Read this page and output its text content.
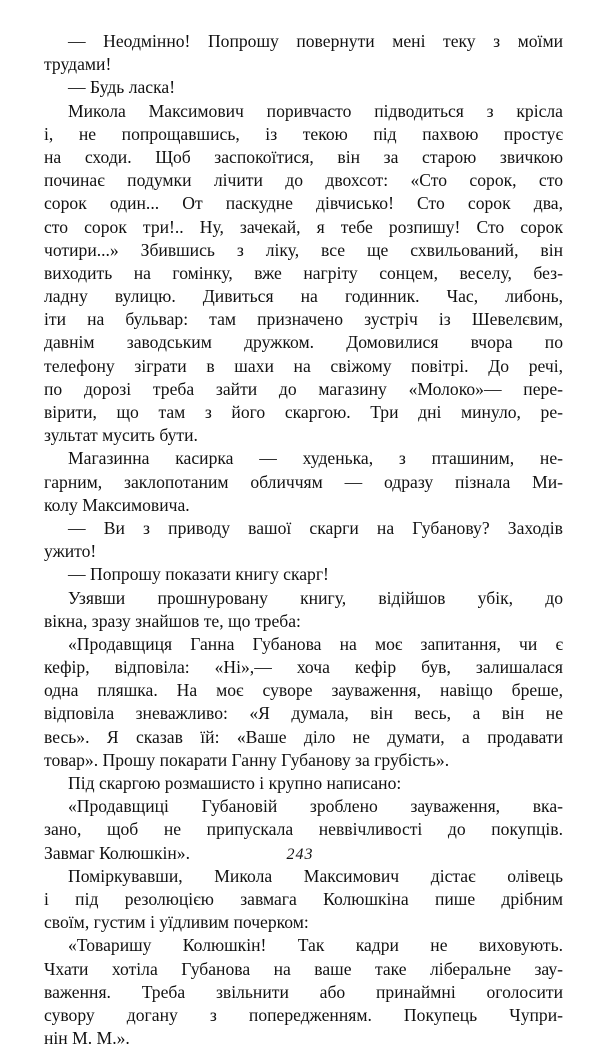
— Неодмінно! Попрошу повернути мені теку з моїми
трудами!
— Будь ласка!
Микола Максимович поривчасто підводиться з крісла
і, не попрощавшись, із текою під пахвою простує
на сходи. Щоб заспокоїтися, він за старою звичкою
починає подумки лічити до двохсот: «Сто сорок, сто
сорок один... От паскудне дівчисько! Сто сорок два,
сто сорок три!.. Ну, зачекай, я тебе розпишу! Сто сорок
чотири...» Збившись з ліку, все ще схвильований, він
виходить на гомінку, вже нагріту сонцем, веселу, без-
ладну вулицю. Дивиться на годинник. Час, либонь,
іти на бульвар: там призначено зустріч із Шевелєвим,
давнім заводським дружком. Домовилися вчора по
телефону зіграти в шахи на свіжому повітрі. До речі,
по дорозі треба зайти до магазину «Молоко»— пере-
вірити, що там з його скаргою. Три дні минуло, ре-
зультат мусить бути.
Магазинна касирка — худенька, з пташиним, не-
гарним, заклопотаним обличчям — одразу пізнала Ми-
колу Максимовича.
— Ви з приводу вашої скарги на Губанову? Заходів
ужито!
— Попрошу показати книгу скарг!
Узявши прошнуровану книгу, відійшов убік, до
вікна, зразу знайшов те, що треба:
«Продавщиця Ганна Губанова на моє запитання, чи є
кефір, відповіла: «Ні»,— хоча кефір був, залишалася
одна пляшка. На моє суворе зауваження, навіщо бреше,
відповіла зневажливо: «Я думала, він весь, а він не
весь». Я сказав їй: «Ваше діло не думати, а продавати
товар». Прошу покарати Ганну Губанову за грубість».
Під скаргою розмашисто і крупно написано:
«Продавщиці Губановій зроблено зауваження, вка-
зано, щоб не припускала неввічливості до покупців.
Завмаг Колюшкін».
Поміркувавши, Микола Максимович дістає олівець
і під резолюцією завмага Колюшкіна пише дрібним
своїм, густим і уїдливим почерком:
«Товаришу Колюшкін! Так кадри не виховують.
Чхати хотіла Губанова на ваше таке ліберальне зау-
важення. Треба звільнити або принаймні оголосити
сувору догану з попередженням. Покупець Чупри-
нін М. М.».
243
